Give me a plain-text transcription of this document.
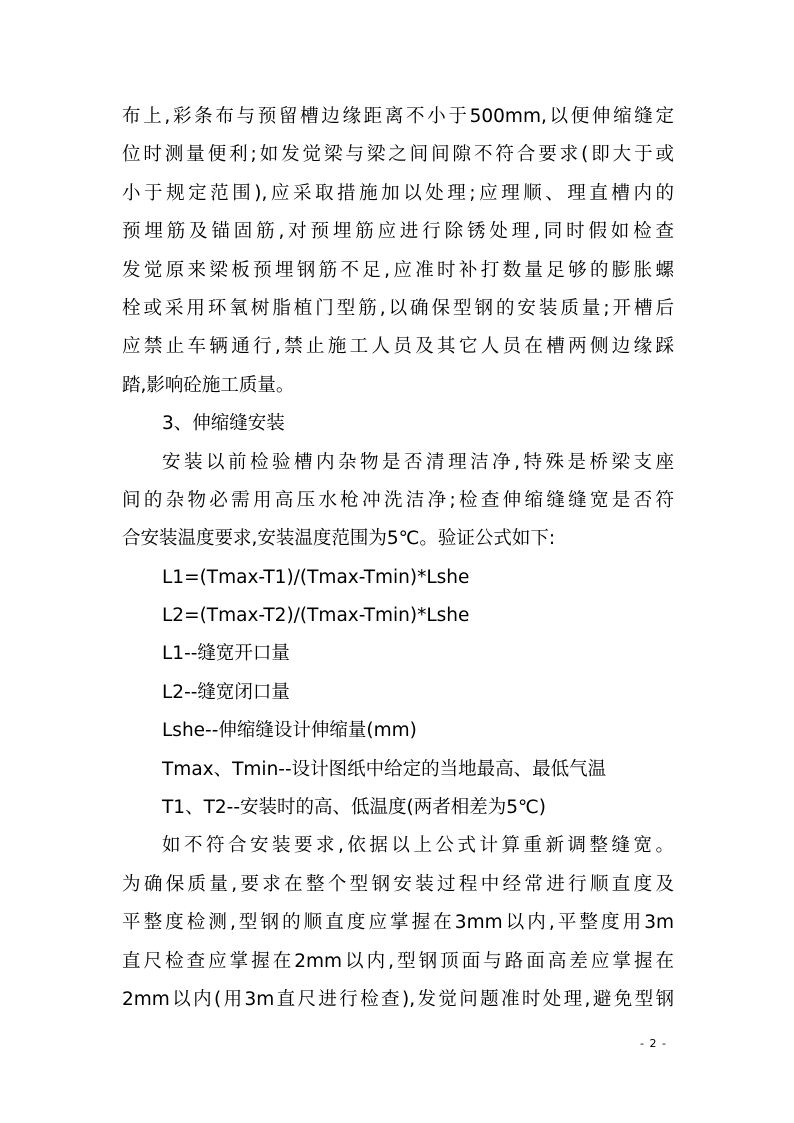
布上,彩条布与预留槽边缘距离不小于500mm,以便伸缩缝定
位时测量便利;如发觉梁与梁之间间隙不符合要求(即大于或
小于规定范围),应采取措施加以处理;应理顺、理直槽内的
预埋筋及锚固筋,对预埋筋应进行除锈处理,同时假如检查
发觉原来梁板预埋钢筋不足,应准时补打数量足够的膨胀螺
栓或采用环氧树脂植门型筋,以确保型钢的安装质量;开槽后
应禁止车辆通行,禁止施工人员及其它人员在槽两侧边缘踩
踏,影响砼施工质量。
3、伸缩缝安装
安装以前检验槽内杂物是否清理洁净,特殊是桥梁支座
间的杂物必需用高压水枪冲洗洁净;检查伸缩缝缝宽是否符
合安装温度要求,安装温度范围为5℃。验证公式如下:
L1=(Tmax-T1)/(Tmax-Tmin)*Lshe
L2=(Tmax-T2)/(Tmax-Tmin)*Lshe
L1--缝宽开口量
L2--缝宽闭口量
Lshe--伸缩缝设计伸缩量(mm)
Tmax、Tmin--设计图纸中给定的当地最高、最低气温
T1、T2--安装时的高、低温度(两者相差为5℃)
如不符合安装要求,依据以上公式计算重新调整缝宽。
为确保质量,要求在整个型钢安装过程中经常进行顺直度及
平整度检测,型钢的顺直度应掌握在3mm以内,平整度用3m
直尺检查应掌握在2mm以内,型钢顶面与路面高差应掌握在
2mm以内(用3m直尺进行检查),发觉问题准时处理,避免型钢
- 2 -
